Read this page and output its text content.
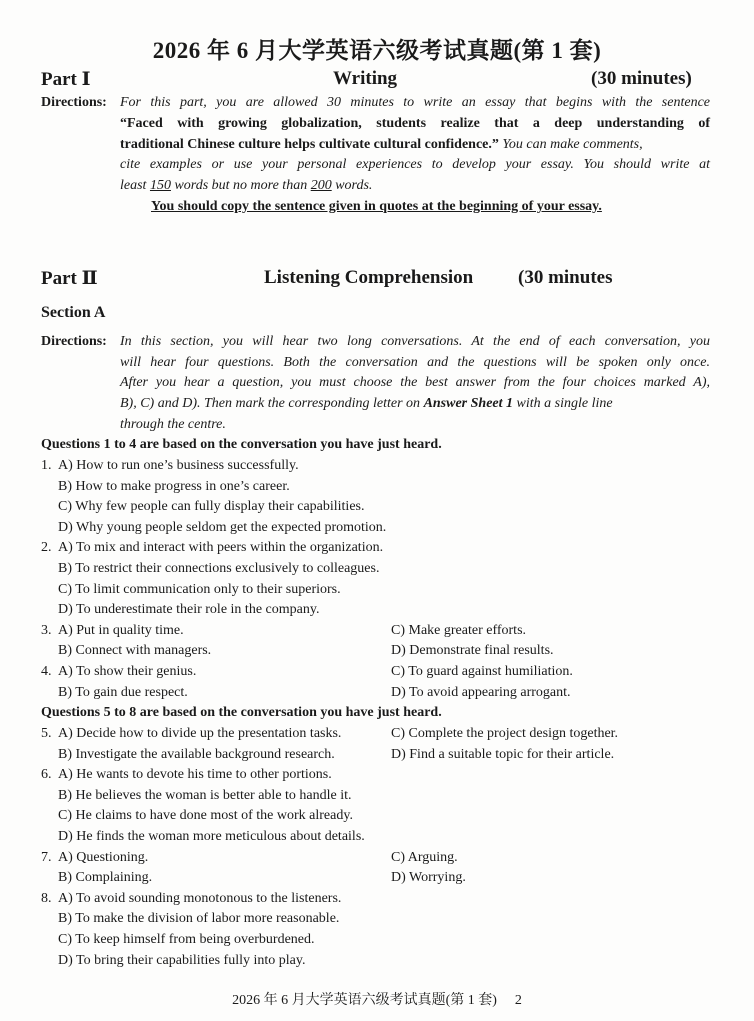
2026 年 6 月大学英语六级考试真题(第 1 套)
Part Ⅰ	Writing	(30 minutes)
Directions: For this part, you are allowed 30 minutes to write an essay that begins with the sentence
“Faced with growing globalization, students realize that a deep understanding of
traditional Chinese culture helps cultivate cultural confidence.” You can make comments,
cite examples or use your personal experiences to develop your essay. You should write at
least 150 words but no more than 200 words.
You should copy the sentence given in quotes at the beginning of your essay.
Part Ⅱ	Listening Comprehension (30 minutes
Section A
Directions: In this section, you will hear two long conversations. At the end of each conversation, you
will hear four questions. Both the conversation and the questions will be spoken only once.
After you hear a question, you must choose the best answer from the four choices marked A),
B), C) and D). Then mark the corresponding letter on Answer Sheet 1 with a single line
through the centre.
Questions 1 to 4 are based on the conversation you have just heard.
1. A) How to run one’s business successfully.
B) How to make progress in one’s career.
C) Why few people can fully display their capabilities.
D) Why young people seldom get the expected promotion.
2. A) To mix and interact with peers within the organization.
B) To restrict their connections exclusively to colleagues.
C) To limit communication only to their superiors.
D) To underestimate their role in the company.
3. A) Put in quality time.	C) Make greater efforts.
B) Connect with managers.	D) Demonstrate final results.
4. A) To show their genius.	C) To guard against humiliation.
B) To gain due respect.	D) To avoid appearing arrogant.
Questions 5 to 8 are based on the conversation you have just heard.
5. A) Decide how to divide up the presentation tasks.	C) Complete the project design together.
B) Investigate the available background research.	D) Find a suitable topic for their article.
6. A) He wants to devote his time to other portions.
B) He believes the woman is better able to handle it.
C) He claims to have done most of the work already.
D) He finds the woman more meticulous about details.
7. A) Questioning.	C) Arguing.
B) Complaining.	D) Worrying.
8. A) To avoid sounding monotonous to the listeners.
B) To make the division of labor more reasonable.
C) To keep himself from being overburdened.
D) To bring their capabilities fully into play.
2026 年 6 月大学英语六级考试真题(第 1 套) 2
